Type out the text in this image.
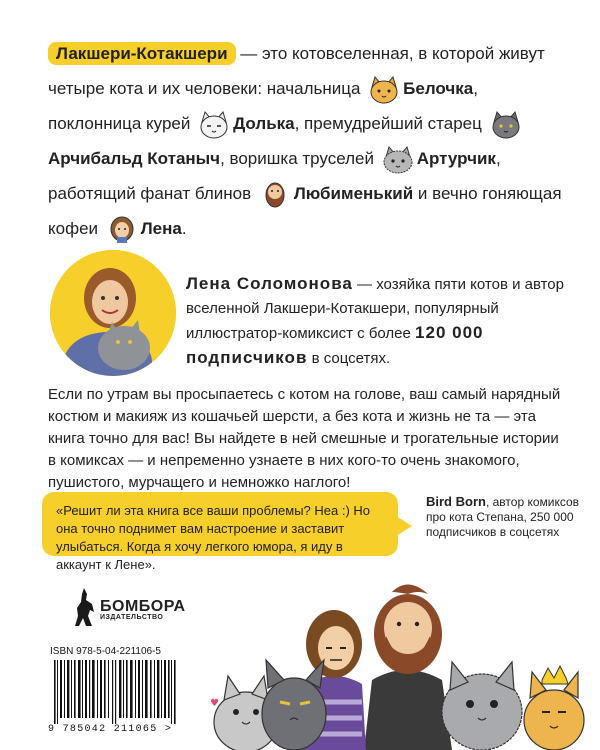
Лакшери-Котакшери — это котовселенная, в которой живут четыре кота и их человеки: начальница
Белочка, поклонница курей
Долька, премудрейший старец
Арчибальд Котаныч, воришка труселей
Артурчик, работящий фанат блинов
Любименький и вечно гоняющая кофеи
Лена.
Лена Соломонова — хозяйка пяти котов и автор вселенной Лакшери-Котакшери, популярный иллюстратор-комиксист с более 120 000 подписчиков в соцсетях.
Если по утрам вы просыпаетесь с котом на голове, ваш самый нарядный костюм и макияж из кошачьей шерсти, а без кота и жизнь не та — эта книга точно для вас! Вы найдете в ней смешные и трогательные истории в комиксах — и непременно узнаете в них кого-то очень знакомого, пушистого, мурчащего и немножко наглого!
«Решит ли эта книга все ваши проблемы? Неа :) Но она точно поднимет вам настроение и заставит улыбаться. Когда я хочу легкого юмора, я иду в аккаунт к Лене».
Bird Born, автор комиксов про кота Степана, 250 000 подписчиков в соцсетях
БОМБОРА
ИЗДАТЕЛЬСТВО
ISBN 978-5-04-221106-5
9 785042 211065 >
♥
